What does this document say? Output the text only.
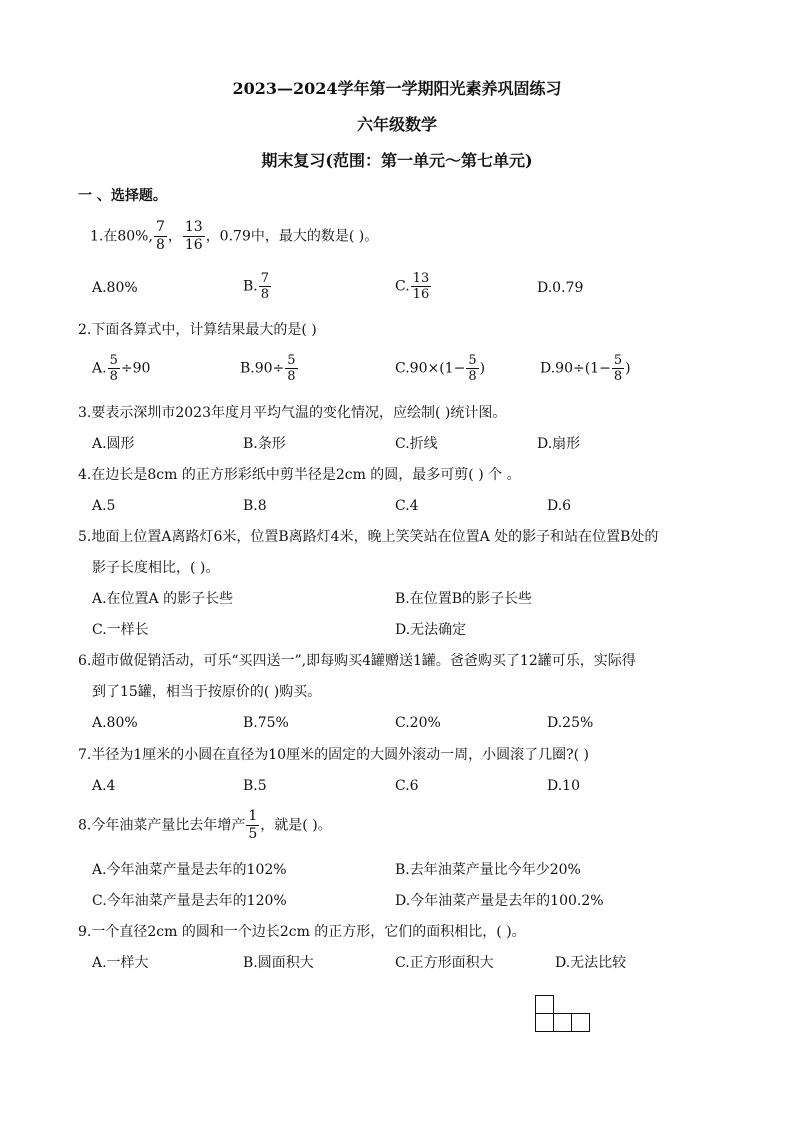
2023—2024学年第一学期阳光素养巩固练习
六年级数学
期末复习(范围：第一单元～第七单元)
一 、选择题。
1.在80%, $\frac{7}{8}$ ， $\frac{13}{16}$ ，0.79中，最大的数是( )。
A.80%	B. $\frac{7}{8}$	C. $\frac{13}{16}$	D.0.79
2.下面各算式中，计算结果最大的是( )
A. $\frac{5}{8} \div 90$	$B.90\div \frac{5}{8}$	$C.90\times(1- \frac{5}{8}$ )	$D.90\div(1- \frac{5}{8}$ )
3.要表示深圳市2023年度月平均气温的变化情况，应绘制( )统计图。
A.圆形	B.条形	C.折线	D.扇形
4.在边长是8cm 的正方形彩纸中剪半径是2cm 的圆，最多可剪( ) 个 。
A.5	B.8	C.4	D.6
5.地面上位置A离路灯6米，位置B离路灯4米，晚上笑笑站在位置A 处的影子和站在位置B处的
影子长度相比，( )。
A.在位置A 的影子长些	B.在位置B的影子长些
C.一样长	D.无法确定
6.超市做促销活动，可乐“买四送一”,即每购买4罐赠送1罐。爸爸购买了12罐可乐，实际得
到了15罐，相当于按原价的( )购买。
A.80%	B.75%	C.20%	D.25%
7.半径为1厘米的小圆在直径为10厘米的固定的大圆外滚动一周，小圆滚了几圈?( )
A.4	B.5	C.6	D.10
8.今年油菜产量比去年增产 $\frac{1}{5}$ ，就是( )。
A.今年油菜产量是去年的102%	B.去年油菜产量比今年少20%
C.今年油菜产量是去年的120%	D.今年油菜产量是去年的100.2%
9.一个直径2cm 的圆和一个边长2cm 的正方形，它们的面积相比，( )。
A.一样大	B.圆面积大	C.正方形面积大	D.无法比较
